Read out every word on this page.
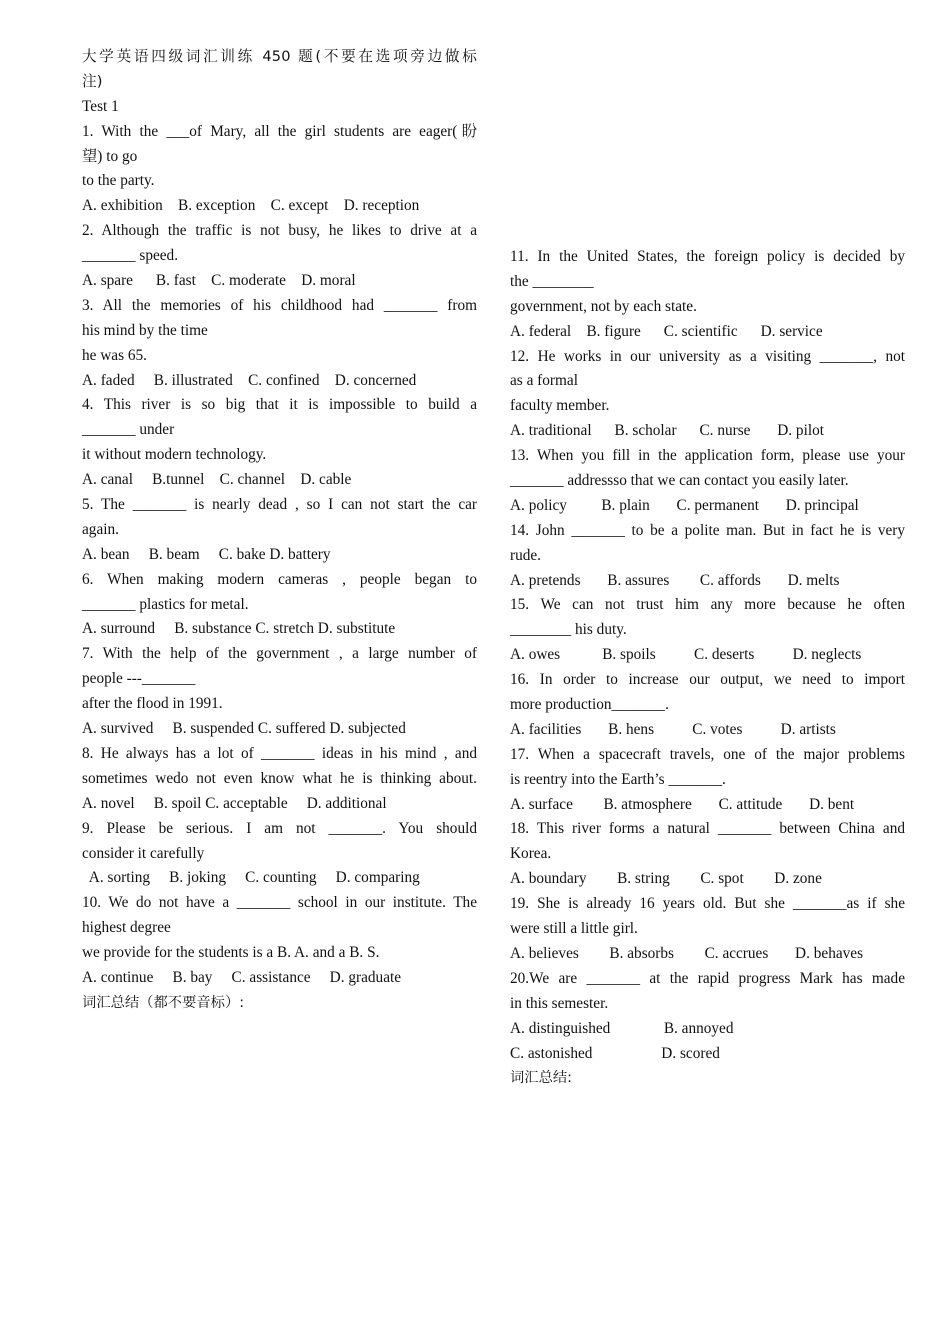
大学英语四级词汇训练 450 题(不要在选项旁边做标
注)
Test 1
1. With the ___of Mary, all the girl students are eager(盼
望) to go
to the party.
A. exhibition    B. exception    C. except    D. reception
2. Although the traffic is not busy, he likes to drive at a
_______ speed.
A. spare      B. fast    C. moderate    D. moral
3. All the memories of his childhood had _______ from
his mind by the time
he was 65.
A. faded     B. illustrated    C. confined    D. concerned
4. This river is so big that it is impossible to build a
_______ under
it without modern technology.
A. canal     B.tunnel    C. channel    D. cable
5. The _______ is nearly dead , so I can not start the car
again.
A. bean     B. beam     C. bake D. battery
6. When making modern cameras , people began to
_______ plastics for metal.
A. surround     B. substance C. stretch D. substitute
7. With the help of the government , a large number of
people ---_______
after the flood in 1991.
A. survived     B. suspended C. suffered D. subjected
8. He always has a lot of _______ ideas in his mind , and
sometimes wedo not even know what he is thinking about.
A. novel     B. spoil C. acceptable     D. additional
9. Please be serious. I am not _______. You should
consider it carefully
A. sorting     B. joking     C. counting     D. comparing
10. We do not have a _______ school in our institute. The
highest degree
we provide for the students is a B. A. and a B. S.
A. continue     B. bay     C. assistance     D. graduate
词汇总结（都不要音标）:
11. In the United States, the foreign policy is decided by
the ________
government, not by each state.
A. federal    B. figure      C. scientific      D. service
12. He works in our university as a visiting _______, not
as a formal
faculty member.
A. traditional      B. scholar      C. nurse       D. pilot
13. When you fill in the application form, please use your
_______ addressso that we can contact you easily later.
A. policy         B. plain       C. permanent       D. principal
14. John _______ to be a polite man. But in fact he is very
rude.
A. pretends       B. assures        C. affords       D. melts
15. We can not trust him any more because he often
________ his duty.
A. owes           B. spoils          C. deserts          D. neglects
16. In order to increase our output, we need to import
more production_______.
A. facilities       B. hens          C. votes          D. artists
17. When a spacecraft travels, one of the major problems
is reentry into the Earth’s _______.
A. surface        B. atmosphere       C. attitude       D. bent
18. This river forms a natural _______ between China and
Korea.
A. boundary        B. string        C. spot        D. zone
19. She is already 16 years old. But she _______as if she
were still a little girl.
A. believes        B. absorbs        C. accrues       D. behaves
20.We are _______ at the rapid progress Mark has made
in this semester.
A. distinguished              B. annoyed
C. astonished                  D. scored
词汇总结:
